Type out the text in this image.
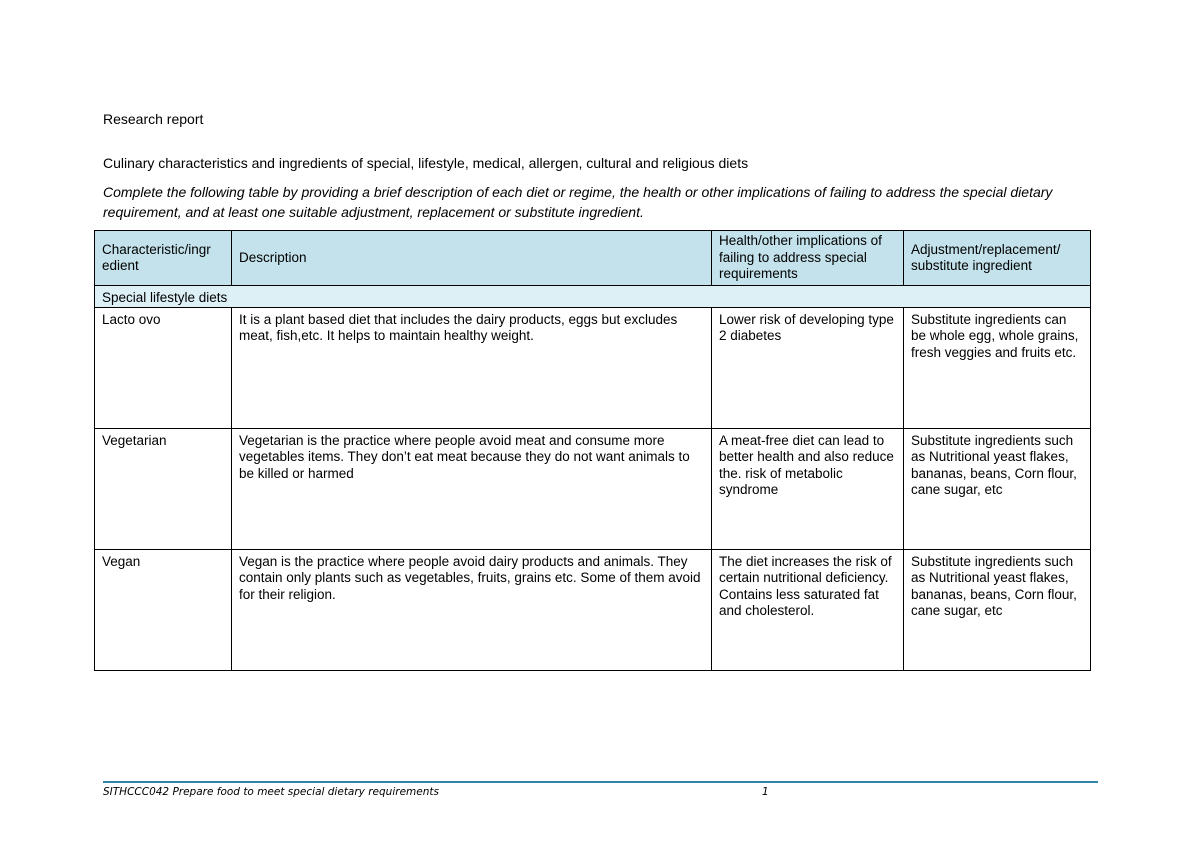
Research report
Culinary characteristics and ingredients of special, lifestyle, medical, allergen, cultural and religious diets
Complete the following table by providing a brief description of each diet or regime, the health or other implications of failing to address the special dietary requirement, and at least one suitable adjustment, replacement or substitute ingredient.
Characteristic/ingr edient	Description	Health/other implications of failing to address special requirements	Adjustment/replacement/ substitute ingredient
Special lifestyle diets			
Lacto ovo	It is a plant based diet that includes the dairy products, eggs but excludes meat, fish,etc. It helps to maintain healthy weight.	Lower risk of developing type 2 diabetes	Substitute ingredients can be whole egg, whole grains, fresh veggies and fruits etc.
Vegetarian	Vegetarian is the practice where people avoid meat and consume more vegetables items. They don’t eat meat because they do not want animals to be killed or harmed	A meat-free diet can lead to better health and also reduce the. risk of metabolic syndrome	Substitute ingredients such as Nutritional yeast flakes, bananas, beans, Corn flour, cane sugar, etc
Vegan	Vegan is the practice where people avoid dairy products and animals. They contain only plants such as vegetables, fruits, grains etc. Some of them avoid for their religion.	The diet increases the risk of certain nutritional deficiency. Contains less saturated fat and cholesterol.	Substitute ingredients such as Nutritional yeast flakes, bananas, beans, Corn flour, cane sugar, etc
SITHCCC042 Prepare food to meet special dietary requirements	1
